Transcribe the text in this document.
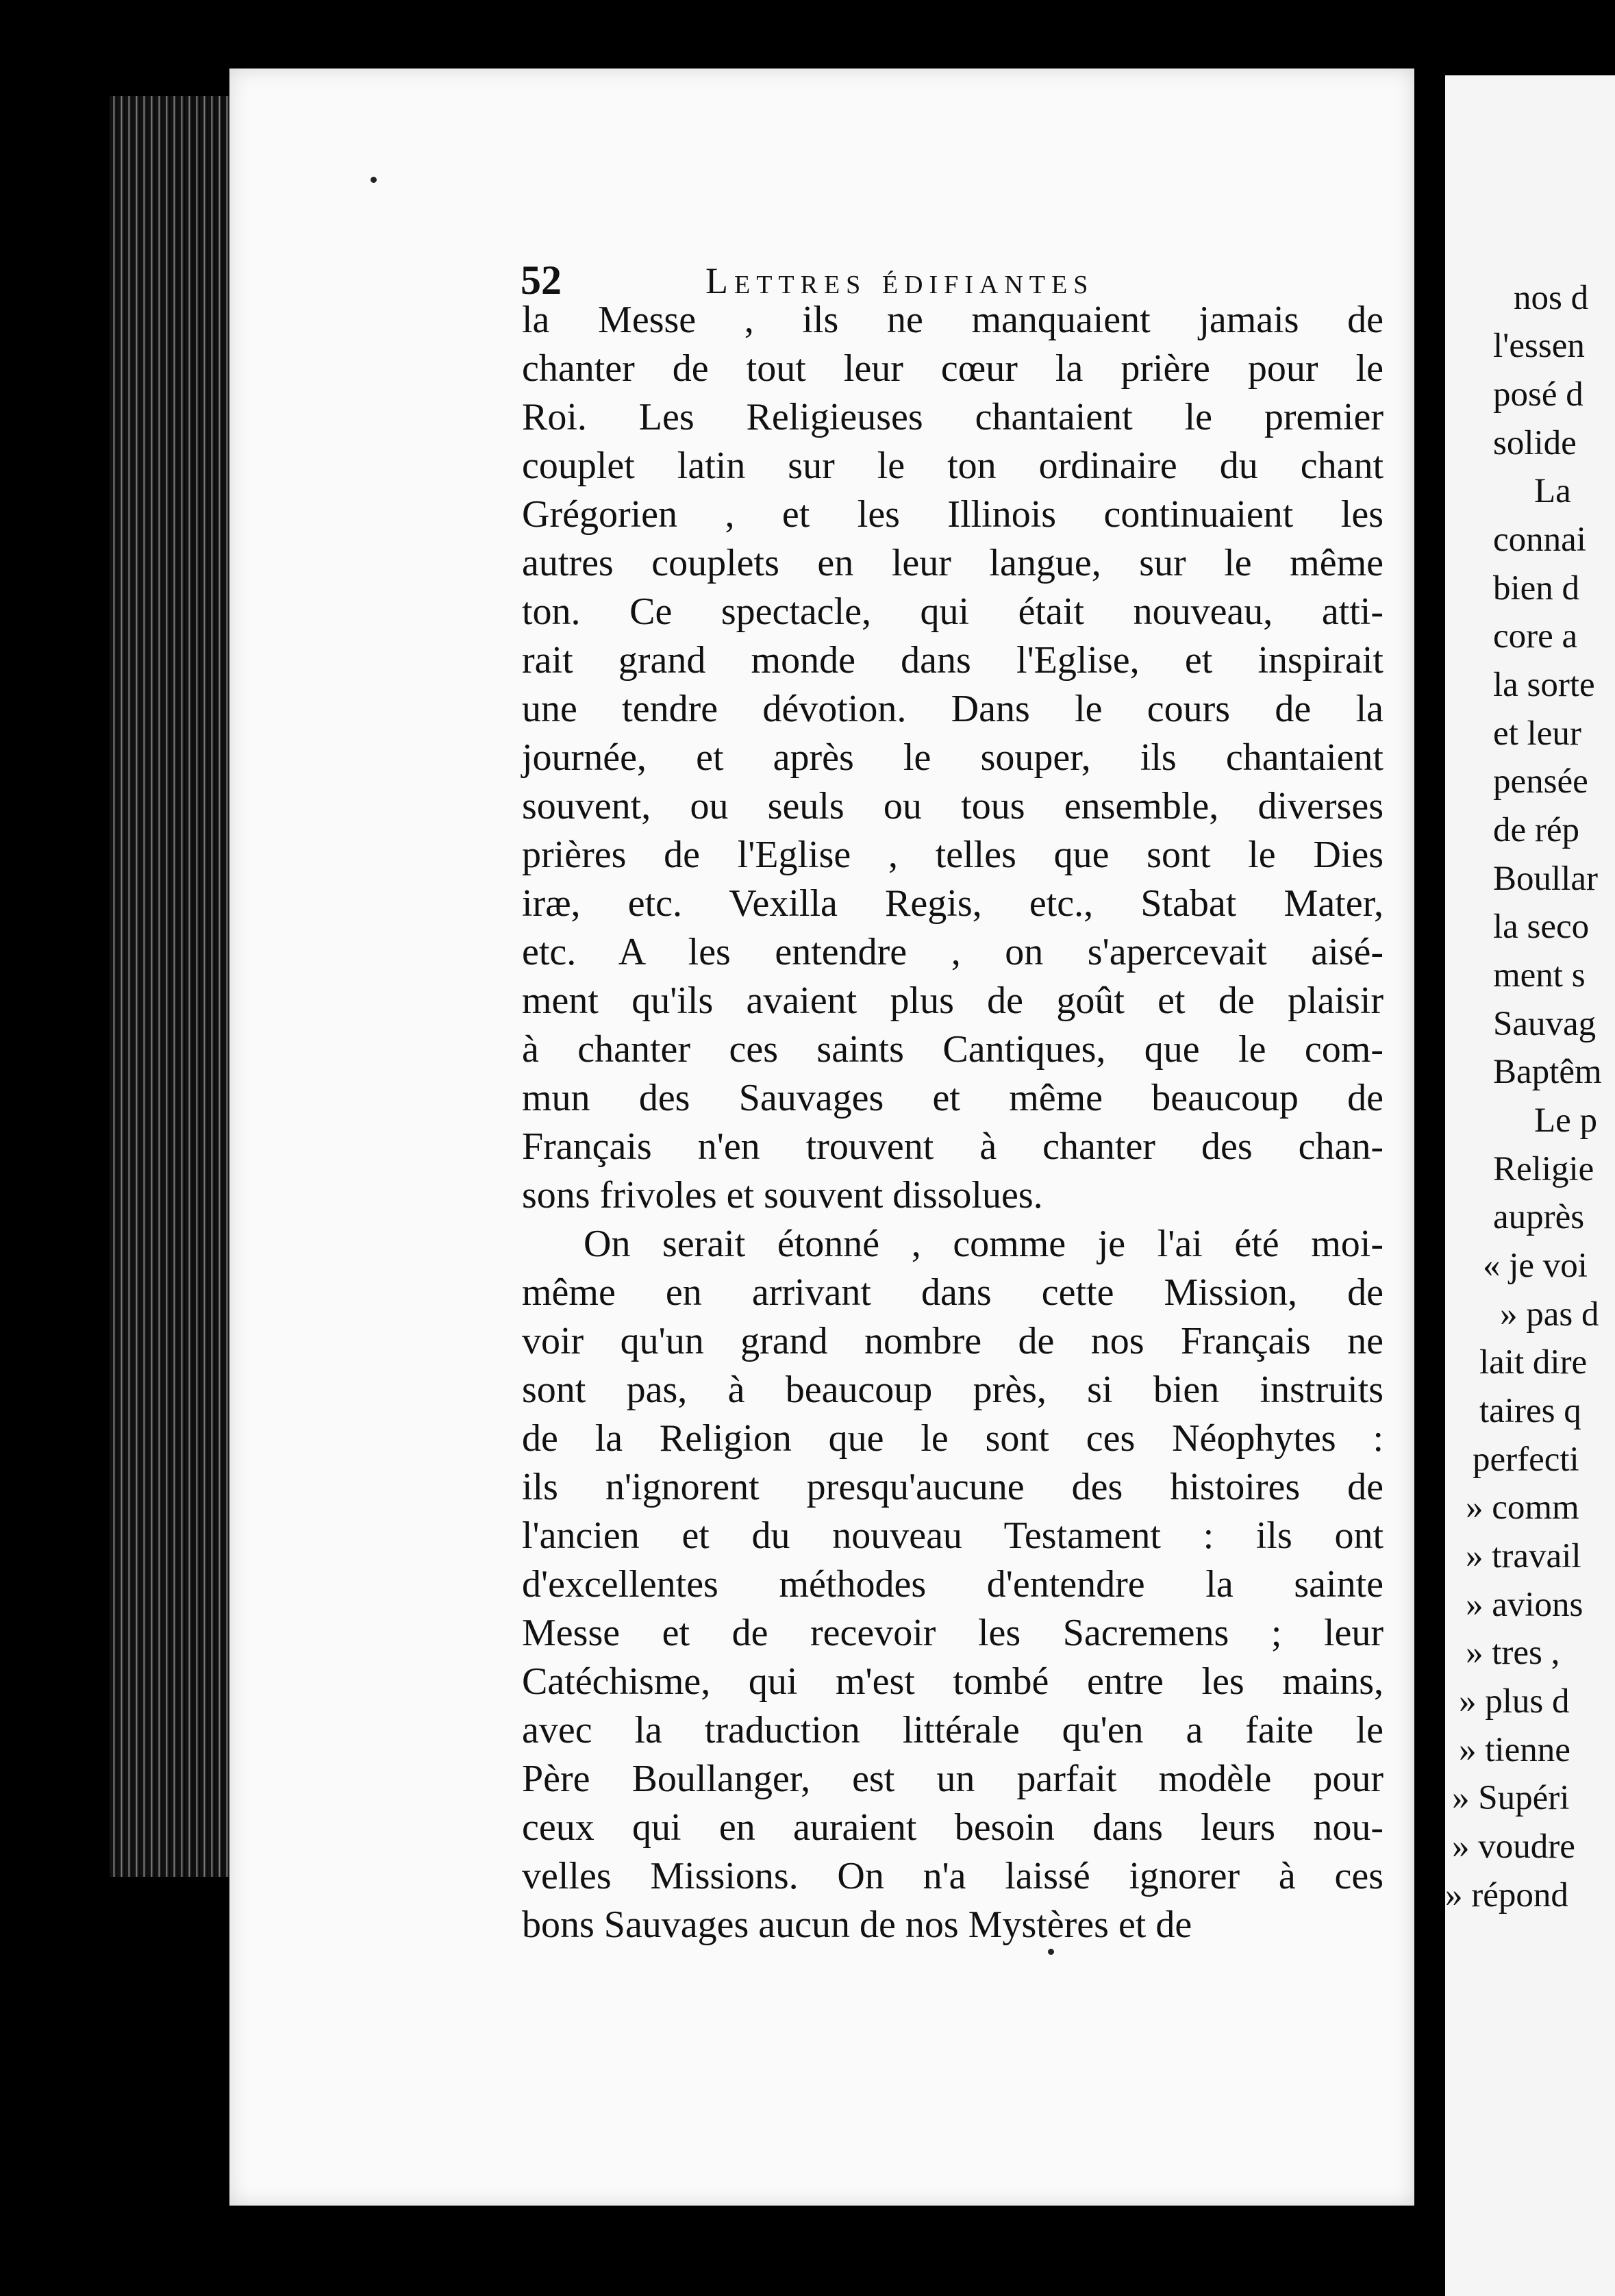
52	Lettres édifiantes
la Messe , ils ne manquaient jamais de
chanter de tout leur cœur la prière pour le
Roi. Les Religieuses chantaient le premier
couplet latin sur le ton ordinaire du chant
Grégorien , et les Illinois continuaient les
autres couplets en leur langue, sur le même
ton. Ce spectacle, qui était nouveau, atti-
rait grand monde dans l'Eglise, et inspirait
une tendre dévotion. Dans le cours de la
journée, et après le souper, ils chantaient
souvent, ou seuls ou tous ensemble, diverses
prières de l'Eglise , telles que sont le Dies
iræ, etc. Vexilla Regis, etc., Stabat Mater,
etc. A les entendre , on s'apercevait aisé-
ment qu'ils avaient plus de goût et de plaisir
à chanter ces saints Cantiques, que le com-
mun des Sauvages et même beaucoup de
Français n'en trouvent à chanter des chan-
sons frivoles et souvent dissolues.
On serait étonné , comme je l'ai été moi-
même en arrivant dans cette Mission, de
voir qu'un grand nombre de nos Français ne
sont pas, à beaucoup près, si bien instruits
de la Religion que le sont ces Néophytes :
ils n'ignorent presqu'aucune des histoires de
l'ancien et du nouveau Testament : ils ont
d'excellentes méthodes d'entendre la sainte
Messe et de recevoir les Sacremens ; leur
Catéchisme, qui m'est tombé entre les mains,
avec la traduction littérale qu'en a faite le
Père Boullanger, est un parfait modèle pour
ceux qui en auraient besoin dans leurs nou-
velles Missions. On n'a laissé ignorer à ces
bons Sauvages aucun de nos Mystères et de
nos d
l'essen
posé d
solide
La
connai
bien d
core a
la sorte
et leur
pensée
de rép
Boullar
la seco
ment s
Sauvag
Baptêm
Le p
Religie
auprès
« je voi
» pas d
lait dire
taires q
perfecti
» comm
» travail
» avions
» tres ,
» plus d
» tienne
» Supéri
» voudre
» répond
